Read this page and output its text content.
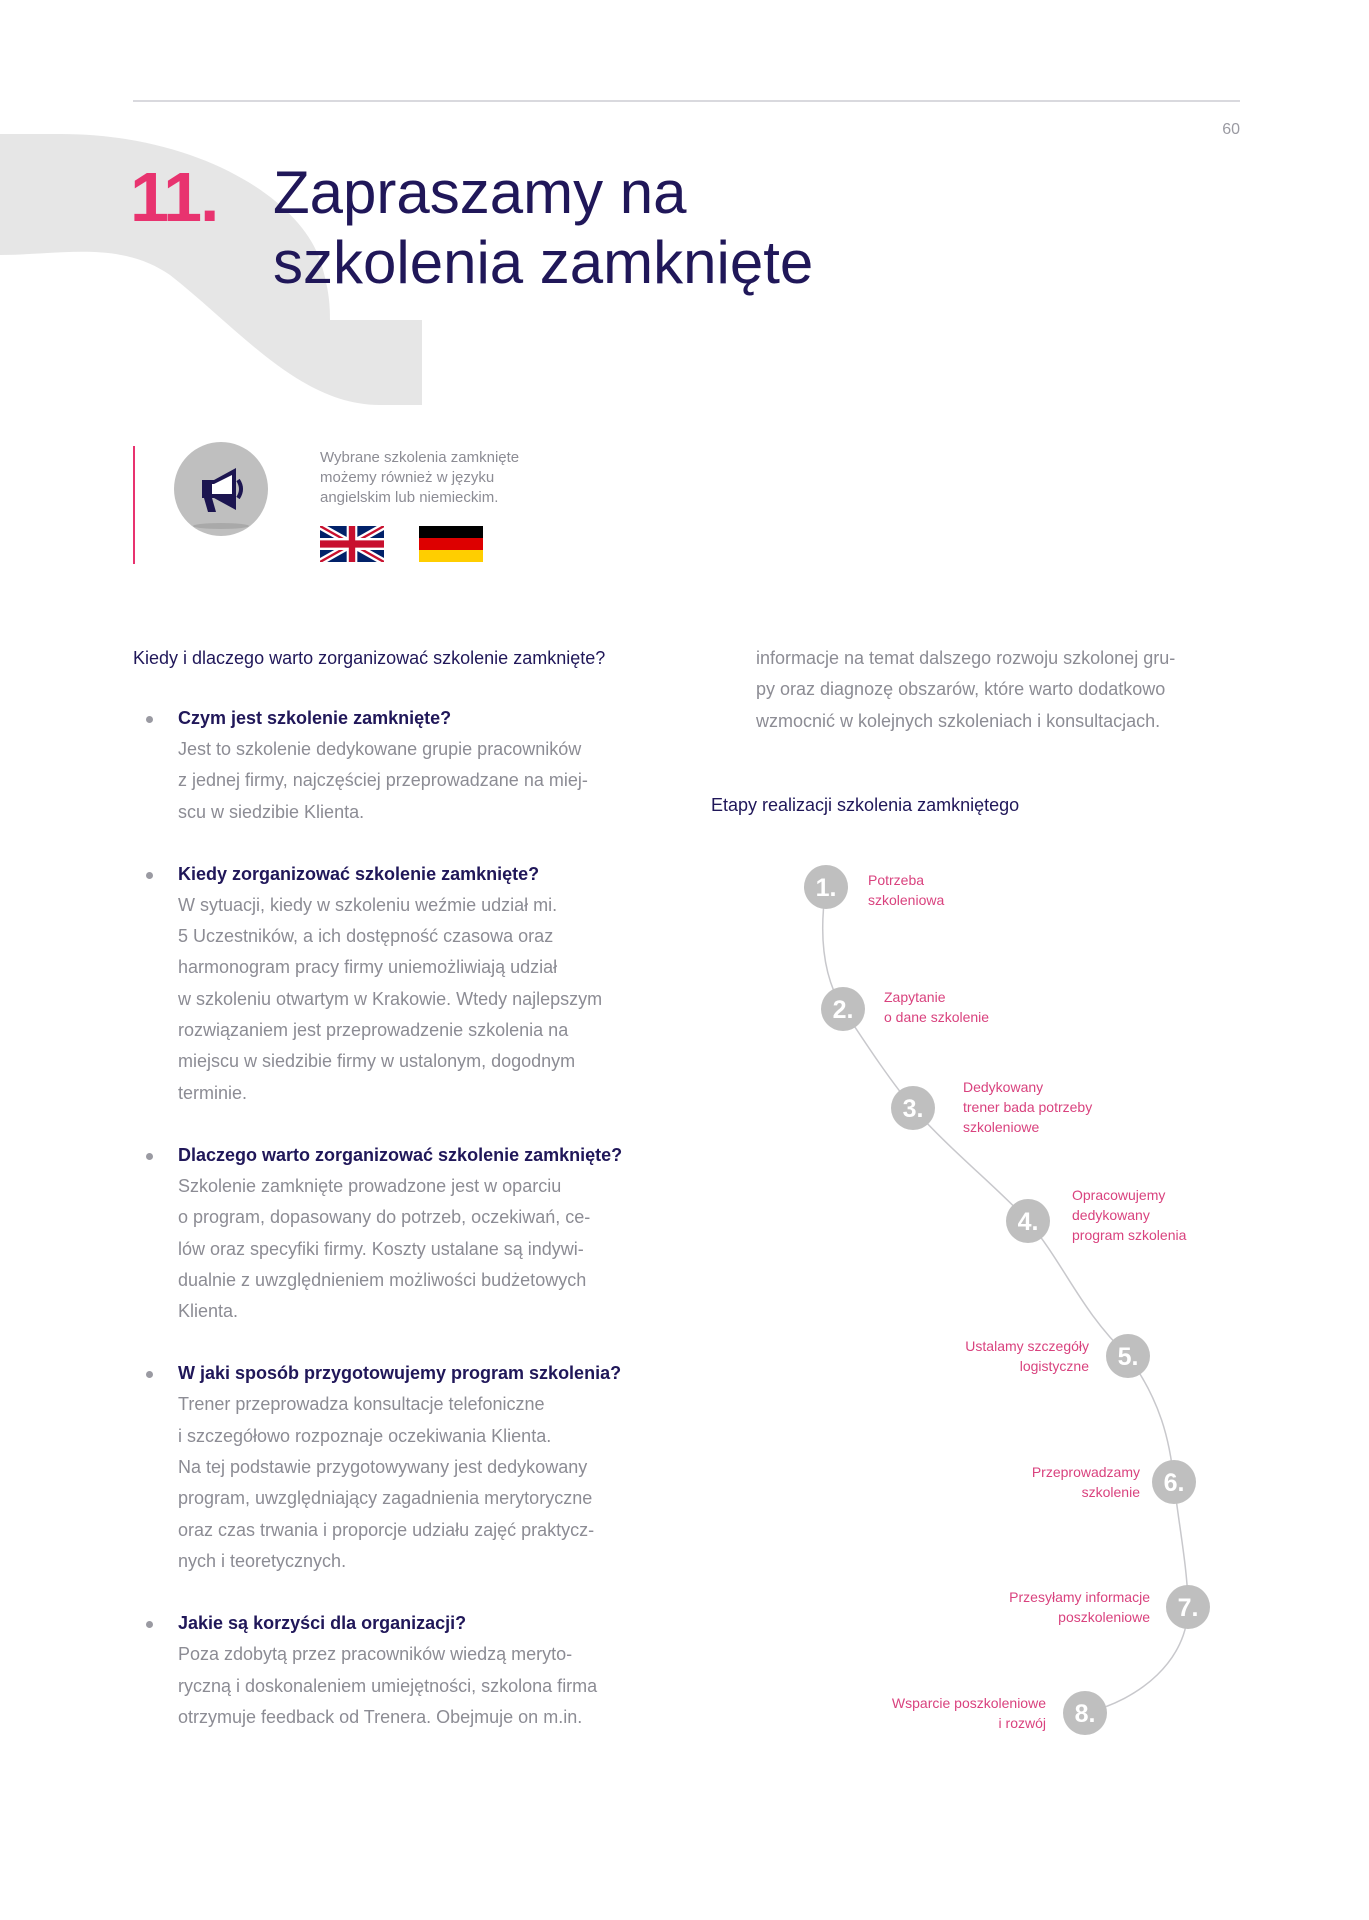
60
11. Zapraszamy na
szkolenia zamknięte
Wybrane szkolenia zamknięte
możemy również w języku
angielskim lub niemieckim.
Kiedy i dlaczego warto zorganizować szkolenie zamknięte?
Czym jest szkolenie zamknięte?
Jest to szkolenie dedykowane grupie pracowników
z jednej firmy, najczęściej przeprowadzane na miej-
scu w siedzibie Klienta.
Kiedy zorganizować szkolenie zamknięte?
W sytuacji, kiedy w szkoleniu weźmie udział mi.
5 Uczestników, a ich dostępność czasowa oraz
harmonogram pracy firmy uniemożliwiają udział
w szkoleniu otwartym w Krakowie. Wtedy najlepszym
rozwiązaniem jest przeprowadzenie szkolenia na
miejscu w siedzibie firmy w ustalonym, dogodnym
terminie.
Dlaczego warto zorganizować szkolenie zamknięte?
Szkolenie zamknięte prowadzone jest w oparciu
o program, dopasowany do potrzeb, oczekiwań, ce-
lów oraz specyfiki firmy. Koszty ustalane są indywi-
dualnie z uwzględnieniem możliwości budżetowych
Klienta.
W jaki sposób przygotowujemy program szkolenia?
Trener przeprowadza konsultacje telefoniczne
i szczegółowo rozpoznaje oczekiwania Klienta.
Na tej podstawie przygotowywany jest dedykowany
program, uwzględniający zagadnienia merytoryczne
oraz czas trwania i proporcje udziału zajęć praktycz-
nych i teoretycznych.
Jakie są korzyści dla organizacji?
Poza zdobytą przez pracowników wiedzą meryto-
ryczną i doskonaleniem umiejętności, szkolona firma
otrzymuje feedback od Trenera. Obejmuje on m.in.
informacje na temat dalszego rozwoju szkolonej gru-
py oraz diagnozę obszarów, które warto dodatkowo
wzmocnić w kolejnych szkoleniach i konsultacjach.
Etapy realizacji szkolenia zamkniętego
1.
2.
3.
4.
5.
6.
7.
8.
Potrzeba
szkoleniowa
Zapytanie
o dane szkolenie
Dedykowany
trener bada potrzeby
szkoleniowe
Opracowujemy
dedykowany
program szkolenia
Ustalamy szczegóły
logistyczne
Przeprowadzamy
szkolenie
Przesyłamy informacje
poszkoleniowe
Wsparcie poszkoleniowe
i rozwój
